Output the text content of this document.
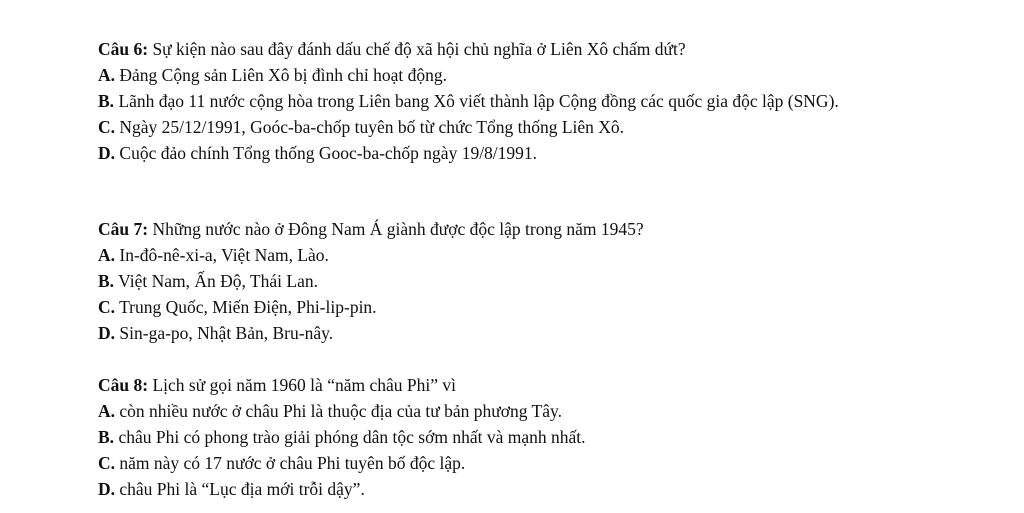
Câu 6: Sự kiện nào sau đây đánh dấu chế độ xã hội chủ nghĩa ở Liên Xô chấm dứt?
A. Đảng Cộng sản Liên Xô bị đình chỉ hoạt động.
B. Lãnh đạo 11 nước cộng hòa trong Liên bang Xô viết thành lập Cộng đồng các quốc gia độc lập (SNG).
C. Ngày 25/12/1991, Goóc-ba-chốp tuyên bố từ chức Tổng thống Liên Xô.
D. Cuộc đảo chính Tổng thống Gooc-ba-chốp ngày 19/8/1991.
Câu 7: Những nước nào ở Đông Nam Á giành được độc lập trong năm 1945?
A. In-đô-nê-xi-a, Việt Nam, Lào.
B. Việt Nam, Ấn Độ, Thái Lan.
C. Trung Quốc, Miến Điện, Phi-lip-pin.
D. Sin-ga-po, Nhật Bản, Bru-nây.
Câu 8: Lịch sử gọi năm 1960 là “năm châu Phi” vì
A. còn nhiều nước ở châu Phi là thuộc địa của tư bản phương Tây.
B. châu Phi có phong trào giải phóng dân tộc sớm nhất và mạnh nhất.
C. năm này có 17 nước ở châu Phi tuyên bố độc lập.
D. châu Phi là “Lục địa mới trỗi dậy”.
